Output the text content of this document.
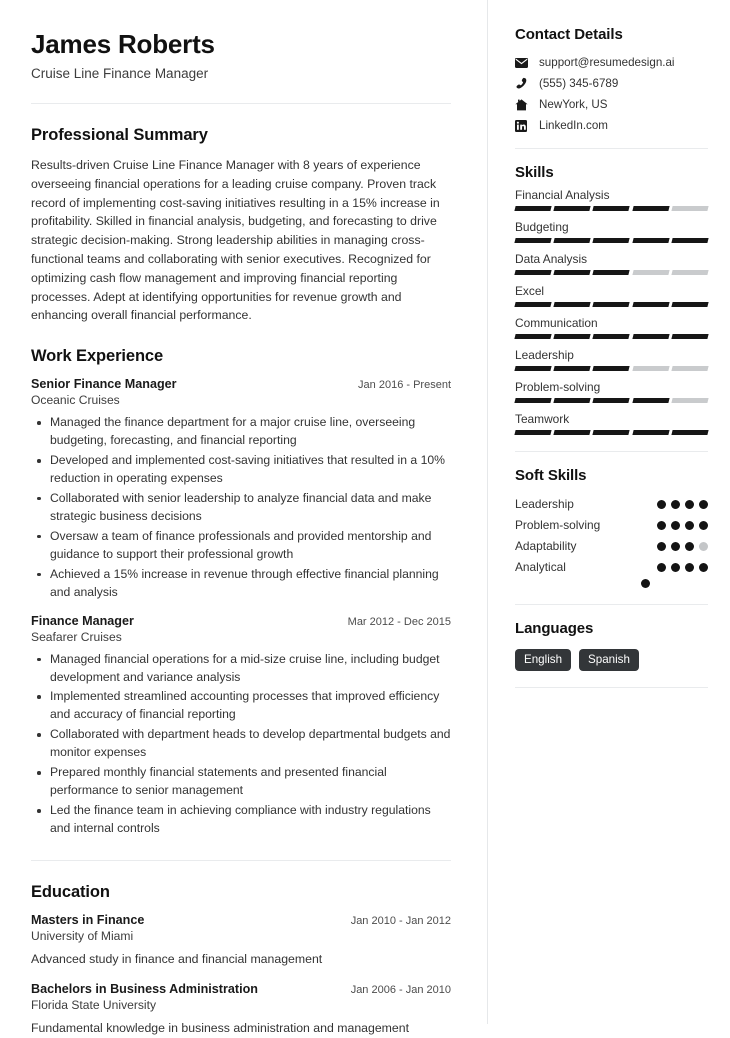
James Roberts
Cruise Line Finance Manager
Professional Summary
Results-driven Cruise Line Finance Manager with 8 years of experience overseeing financial operations for a leading cruise company. Proven track record of implementing cost-saving initiatives resulting in a 15% increase in profitability. Skilled in financial analysis, budgeting, and forecasting to drive strategic decision-making. Strong leadership abilities in managing cross-functional teams and collaborating with senior executives. Recognized for optimizing cash flow management and improving financial reporting processes. Adept at identifying opportunities for revenue growth and enhancing overall financial performance.
Work Experience
Senior Finance Manager	Jan 2016 - Present
Oceanic Cruises
Managed the finance department for a major cruise line, overseeing budgeting, forecasting, and financial reporting
Developed and implemented cost-saving initiatives that resulted in a 10% reduction in operating expenses
Collaborated with senior leadership to analyze financial data and make strategic business decisions
Oversaw a team of finance professionals and provided mentorship and guidance to support their professional growth
Achieved a 15% increase in revenue through effective financial planning and analysis
Finance Manager	Mar 2012 - Dec 2015
Seafarer Cruises
Managed financial operations for a mid-size cruise line, including budget development and variance analysis
Implemented streamlined accounting processes that improved efficiency and accuracy of financial reporting
Collaborated with department heads to develop departmental budgets and monitor expenses
Prepared monthly financial statements and presented financial performance to senior management
Led the finance team in achieving compliance with industry regulations and internal controls
Education
Masters in Finance	Jan 2010 - Jan 2012
University of Miami
Advanced study in finance and financial management
Bachelors in Business Administration	Jan 2006 - Jan 2010
Florida State University
Fundamental knowledge in business administration and management
Contact Details
support@resumedesign.ai
(555) 345-6789
NewYork, US
LinkedIn.com
Skills
Financial Analysis
Budgeting
Data Analysis
Excel
Communication
Leadership
Problem-solving
Teamwork
Soft Skills
Leadership
Problem-solving
Adaptability
Analytical
Languages
English	Spanish
